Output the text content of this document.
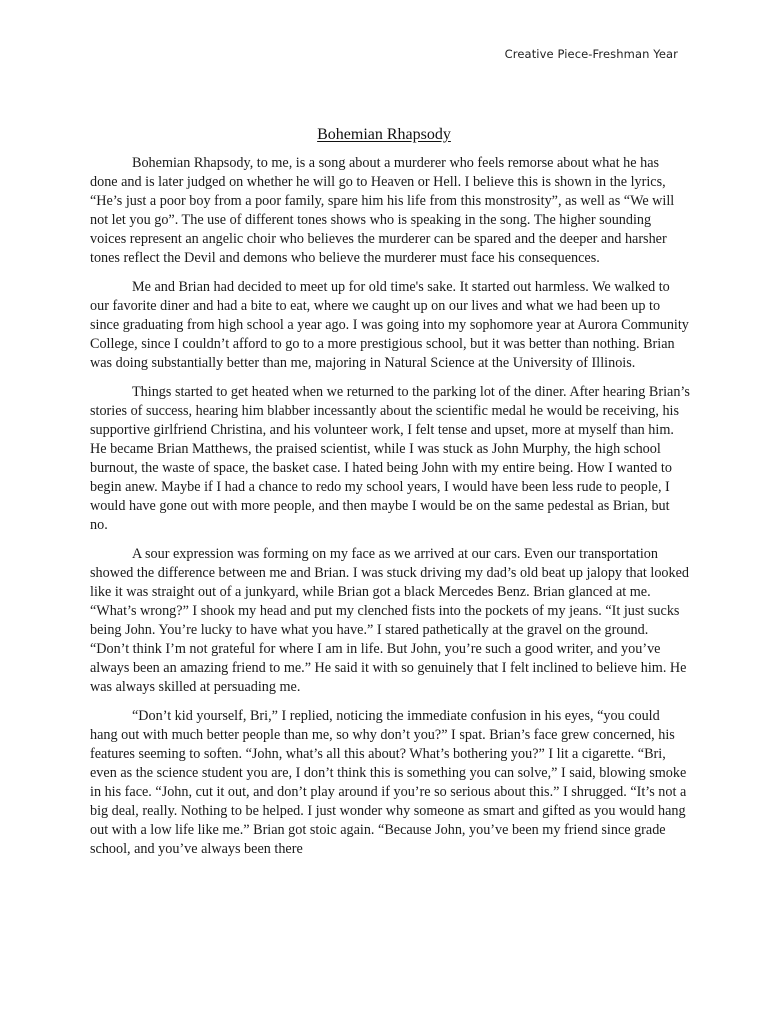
Creative Piece-Freshman Year
Bohemian Rhapsody

Bohemian Rhapsody, to me, is a song about a murderer who feels remorse about what he has done and is later judged on whether he will go to Heaven or Hell. I believe this is shown in the lyrics, “He’s just a poor boy from a poor family, spare him his life from this monstrosity”, as well as “We will not let you go”. The use of different tones shows who is speaking in the song. The higher sounding voices represent an angelic choir who believes the murderer can be spared and the deeper and harsher tones reflect the Devil and demons who believe the murderer must face his consequences.

Me and Brian had decided to meet up for old time's sake. It started out harmless. We walked to our favorite diner and had a bite to eat, where we caught up on our lives and what we had been up to since graduating from high school a year ago. I was going into my sophomore year at Aurora Community College, since I couldn’t afford to go to a more prestigious school, but it was better than nothing. Brian was doing substantially better than me, majoring in Natural Science at the University of Illinois.

Things started to get heated when we returned to the parking lot of the diner. After hearing Brian’s stories of success, hearing him blabber incessantly about the scientific medal he would be receiving, his supportive girlfriend Christina, and his volunteer work, I felt tense and upset, more at myself than him. He became Brian Matthews, the praised scientist, while I was stuck as John Murphy, the high school burnout, the waste of space, the basket case. I hated being John with my entire being. How I wanted to begin anew. Maybe if I had a chance to redo my school years, I would have been less rude to people, I would have gone out with more people, and then maybe I would be on the same pedestal as Brian, but no.

A sour expression was forming on my face as we arrived at our cars. Even our transportation showed the difference between me and Brian. I was stuck driving my dad’s old beat up jalopy that looked like it was straight out of a junkyard, while Brian got a black Mercedes Benz. Brian glanced at me. “What’s wrong?” I shook my head and put my clenched fists into the pockets of my jeans. “It just sucks being John. You’re lucky to have what you have.” I stared pathetically at the gravel on the ground. “Don’t think I’m not grateful for where I am in life. But John, you’re such a good writer, and you’ve always been an amazing friend to me.” He said it with so genuinely that I felt inclined to believe him. He was always skilled at persuading me.

“Don’t kid yourself, Bri,” I replied, noticing the immediate confusion in his eyes, “you could hang out with much better people than me, so why don’t you?” I spat. Brian’s face grew concerned, his features seeming to soften. “John, what’s all this about? What’s bothering you?” I lit a cigarette. “Bri, even as the science student you are, I don’t think this is something you can solve,” I said, blowing smoke in his face. “John, cut it out, and don’t play around if you’re so serious about this.” I shrugged. “It’s not a big deal, really. Nothing to be helped. I just wonder why someone as smart and gifted as you would hang out with a low life like me.” Brian got stoic again. “Because John, you’ve been my friend since grade school, and you’ve always been there
